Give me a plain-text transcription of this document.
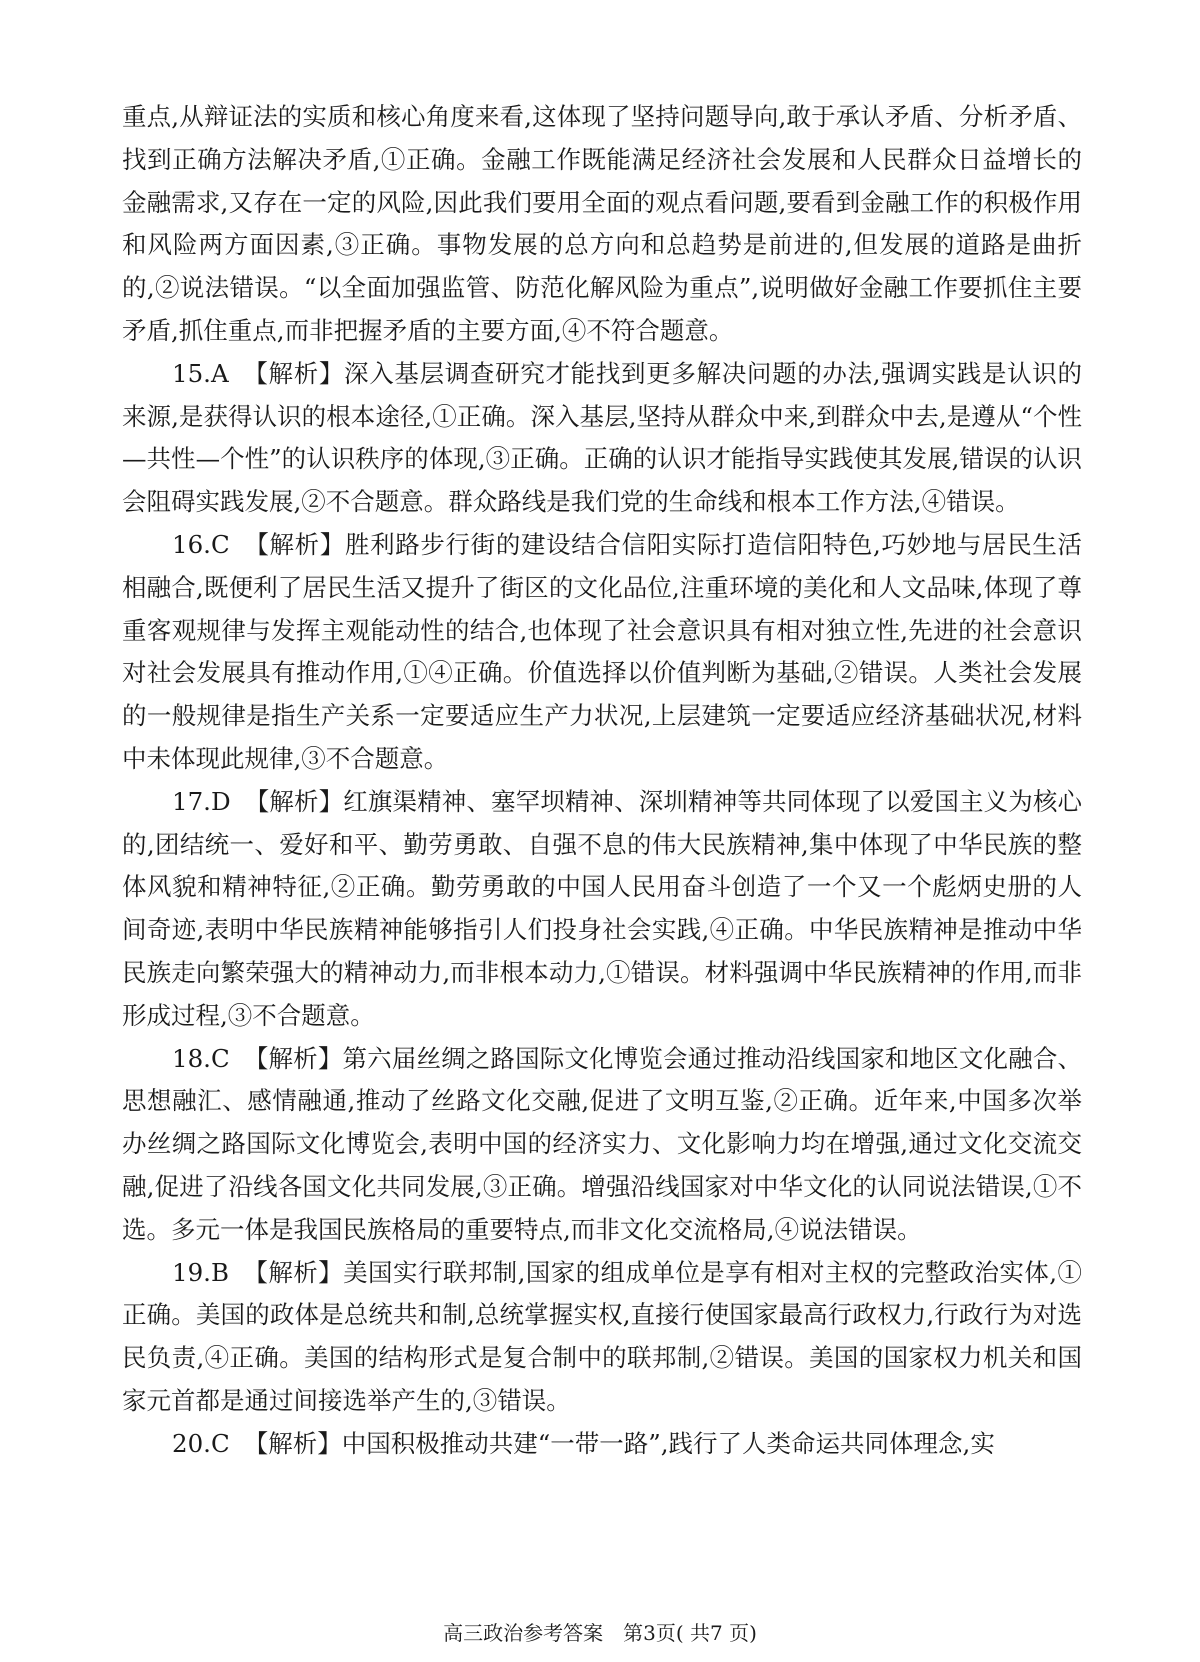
重点,从辩证法的实质和核心角度来看,这体现了坚持问题导向,敢于承认矛盾、分析矛盾、找到正确方法解决矛盾,①正确。金融工作既能满足经济社会发展和人民群众日益增长的金融需求,又存在一定的风险,因此我们要用全面的观点看问题,要看到金融工作的积极作用和风险两方面因素,③正确。事物发展的总方向和总趋势是前进的,但发展的道路是曲折的,②说法错误。“以全面加强监管、防范化解风险为重点”,说明做好金融工作要抓住主要矛盾,抓住重点,而非把握矛盾的主要方面,④不符合题意。

15.A 【解析】深入基层调查研究才能找到更多解决问题的办法,强调实践是认识的来源,是获得认识的根本途径,①正确。深入基层,坚持从群众中来,到群众中去,是遵从“个性—共性—个性”的认识秩序的体现,③正确。正确的认识才能指导实践使其发展,错误的认识会阻碍实践发展,②不合题意。群众路线是我们党的生命线和根本工作方法,④错误。

16.C 【解析】胜利路步行街的建设结合信阳实际打造信阳特色,巧妙地与居民生活相融合,既便利了居民生活又提升了街区的文化品位,注重环境的美化和人文品味,体现了尊重客观规律与发挥主观能动性的结合,也体现了社会意识具有相对独立性,先进的社会意识对社会发展具有推动作用,①④正确。价值选择以价值判断为基础,②错误。人类社会发展的一般规律是指生产关系一定要适应生产力状况,上层建筑一定要适应经济基础状况,材料中未体现此规律,③不合题意。

17.D 【解析】红旗渠精神、塞罕坝精神、深圳精神等共同体现了以爱国主义为核心的,团结统一、爱好和平、勤劳勇敢、自强不息的伟大民族精神,集中体现了中华民族的整体风貌和精神特征,②正确。勤劳勇敢的中国人民用奋斗创造了一个又一个彪炳史册的人间奇迹,表明中华民族精神能够指引人们投身社会实践,④正确。中华民族精神是推动中华民族走向繁荣强大的精神动力,而非根本动力,①错误。材料强调中华民族精神的作用,而非形成过程,③不合题意。

18.C 【解析】第六届丝绸之路国际文化博览会通过推动沿线国家和地区文化融合、思想融汇、感情融通,推动了丝路文化交融,促进了文明互鉴,②正确。近年来,中国多次举办丝绸之路国际文化博览会,表明中国的经济实力、文化影响力均在增强,通过文化交流交融,促进了沿线各国文化共同发展,③正确。增强沿线国家对中华文化的认同说法错误,①不选。多元一体是我国民族格局的重要特点,而非文化交流格局,④说法错误。

19.B 【解析】美国实行联邦制,国家的组成单位是享有相对主权的完整政治实体,①正确。美国的政体是总统共和制,总统掌握实权,直接行使国家最高行政权力,行政行为对选民负责,④正确。美国的结构形式是复合制中的联邦制,②错误。美国的国家权力机关和国家元首都是通过间接选举产生的,③错误。

20.C 【解析】中国积极推动共建“一带一路”,践行了人类命运共同体理念,实

高三政治参考答案　第3页( 共7 页)
